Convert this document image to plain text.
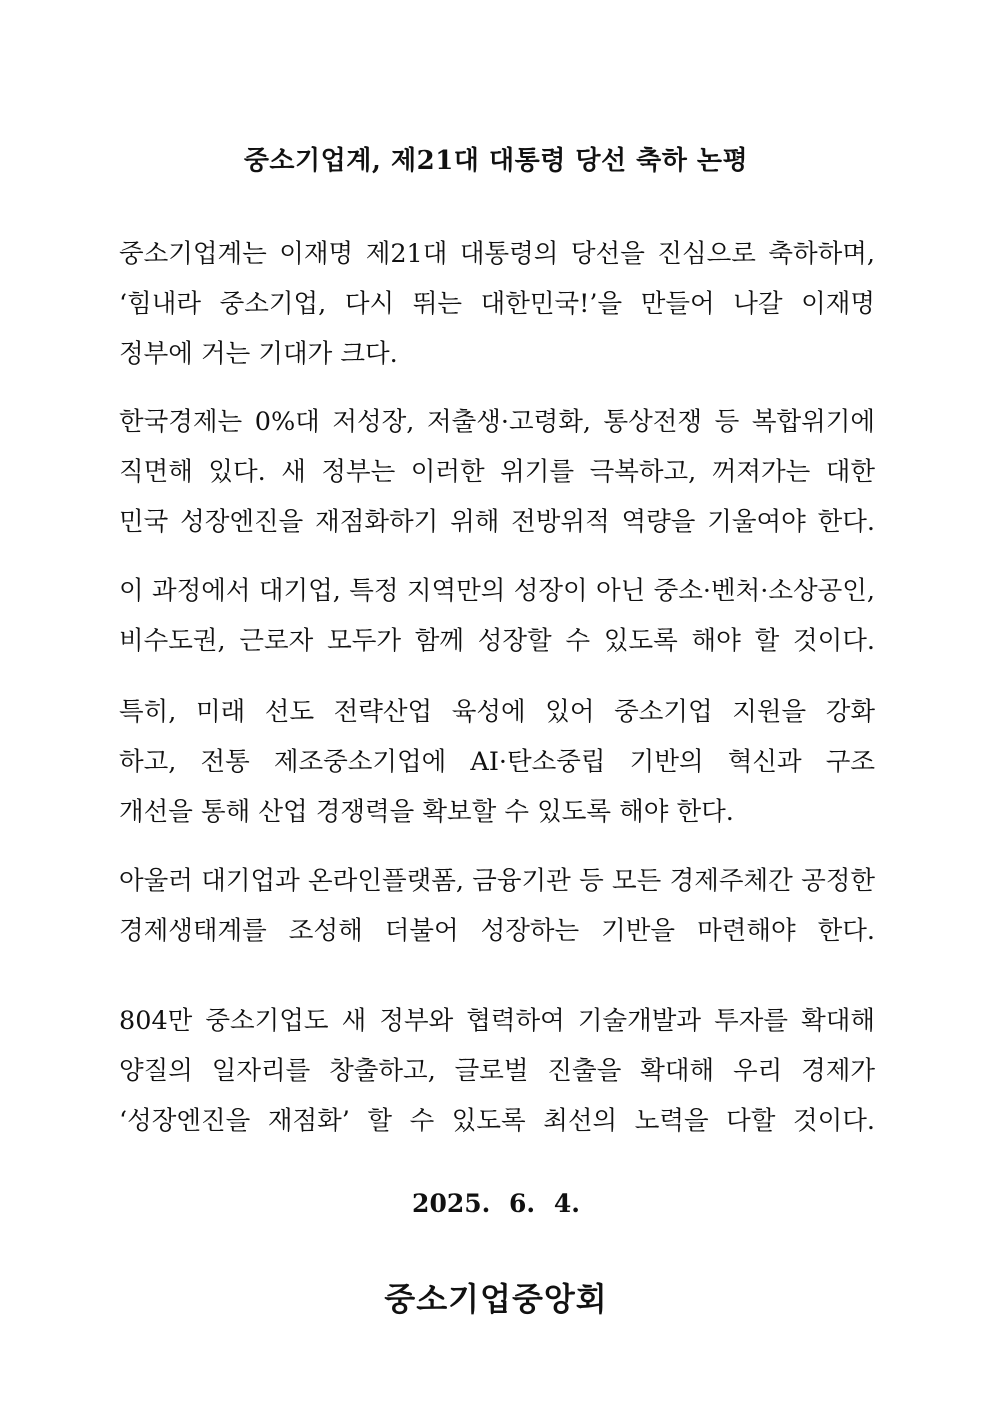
중소기업계, 제21대 대통령 당선 축하 논평
중소기업계는 이재명 제21대 대통령의 당선을 진심으로 축하하며,
‘힘내라 중소기업, 다시 뛰는 대한민국!’을 만들어 나갈 이재명
정부에 거는 기대가 크다.
한국경제는 0%대 저성장, 저출생·고령화, 통상전쟁 등 복합위기에
직면해 있다. 새 정부는 이러한 위기를 극복하고, 꺼져가는 대한
민국 성장엔진을 재점화하기 위해 전방위적 역량을 기울여야 한다.
이 과정에서 대기업, 특정 지역만의 성장이 아닌 중소·벤처·소상공인,
비수도권, 근로자 모두가 함께 성장할 수 있도록 해야 할 것이다.
특히, 미래 선도 전략산업 육성에 있어 중소기업 지원을 강화
하고, 전통 제조중소기업에 AI·탄소중립 기반의 혁신과 구조
개선을 통해 산업 경쟁력을 확보할 수 있도록 해야 한다.
아울러 대기업과 온라인플랫폼, 금융기관 등 모든 경제주체간 공정한
경제생태계를 조성해 더불어 성장하는 기반을 마련해야 한다.
804만 중소기업도 새 정부와 협력하여 기술개발과 투자를 확대해
양질의 일자리를 창출하고, 글로벌 진출을 확대해 우리 경제가
‘성장엔진을 재점화’ 할 수 있도록 최선의 노력을 다할 것이다.
2025. 6. 4.
중소기업중앙회
